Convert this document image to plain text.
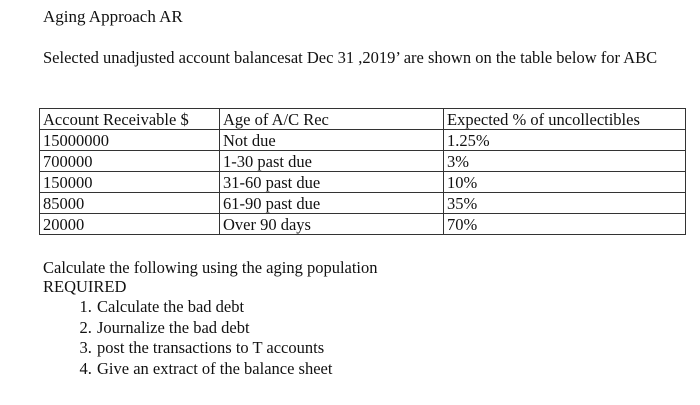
Aging Approach AR
Selected unadjusted account balancesat Dec 31 ,2019’ are shown on the table below for ABC
Account Receivable $	Age of A/C Rec	Expected % of uncollectibles
15000000	Not due	1.25%
700000	1-30 past due	3%
150000	31-60 past due	10%
85000	61-90 past due	35%
20000	Over 90 days	70%
Calculate the following using the aging population
REQUIRED
1. Calculate the bad debt
2. Journalize the bad debt
3. post the transactions to T accounts
4. Give an extract of the balance sheet
